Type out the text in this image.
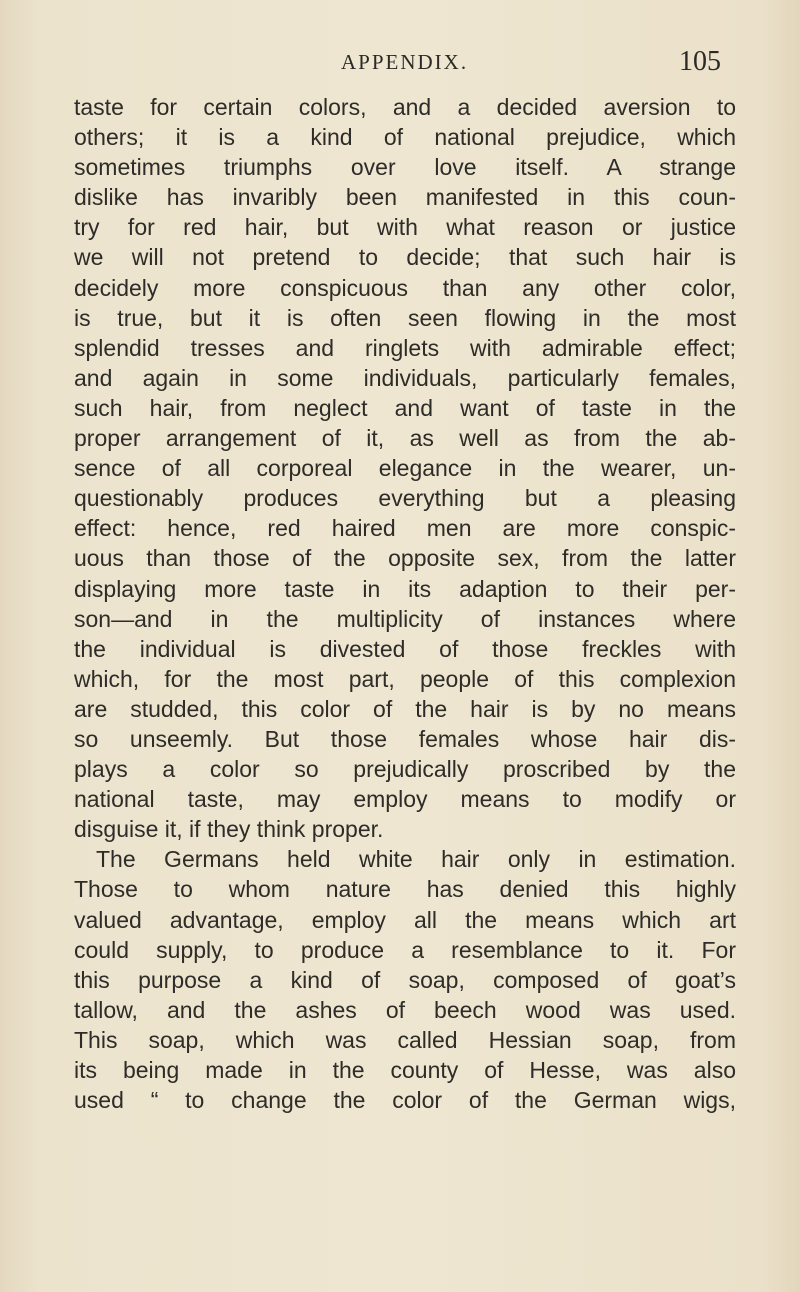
APPENDIX.	105
taste for certain colors, and a decided aversion to
others; it is a kind of national prejudice, which
sometimes triumphs over love itself. A strange
dislike has invaribly been manifested in this coun-
try for red hair, but with what reason or justice
we will not pretend to decide; that such hair is
decidely more conspicuous than any other color,
is true, but it is often seen flowing in the most
splendid tresses and ringlets with admirable effect;
and again in some individuals, particularly females,
such hair, from neglect and want of taste in the
proper arrangement of it, as well as from the ab-
sence of all corporeal elegance in the wearer, un-
questionably produces everything but a pleasing
effect: hence, red haired men are more conspic-
uous than those of the opposite sex, from the latter
displaying more taste in its adaption to their per-
son—and in the multiplicity of instances where
the individual is divested of those freckles with
which, for the most part, people of this complexion
are studded, this color of the hair is by no means
so unseemly. But those females whose hair dis-
plays a color so prejudically proscribed by the
national taste, may employ means to modify or
disguise it, if they think proper.
The Germans held white hair only in estimation.
Those to whom nature has denied this highly
valued advantage, employ all the means which art
could supply, to produce a resemblance to it. For
this purpose a kind of soap, composed of goat’s
tallow, and the ashes of beech wood was used.
This soap, which was called Hessian soap, from
its being made in the county of Hesse, was also
used “ to change the color of the German wigs,
